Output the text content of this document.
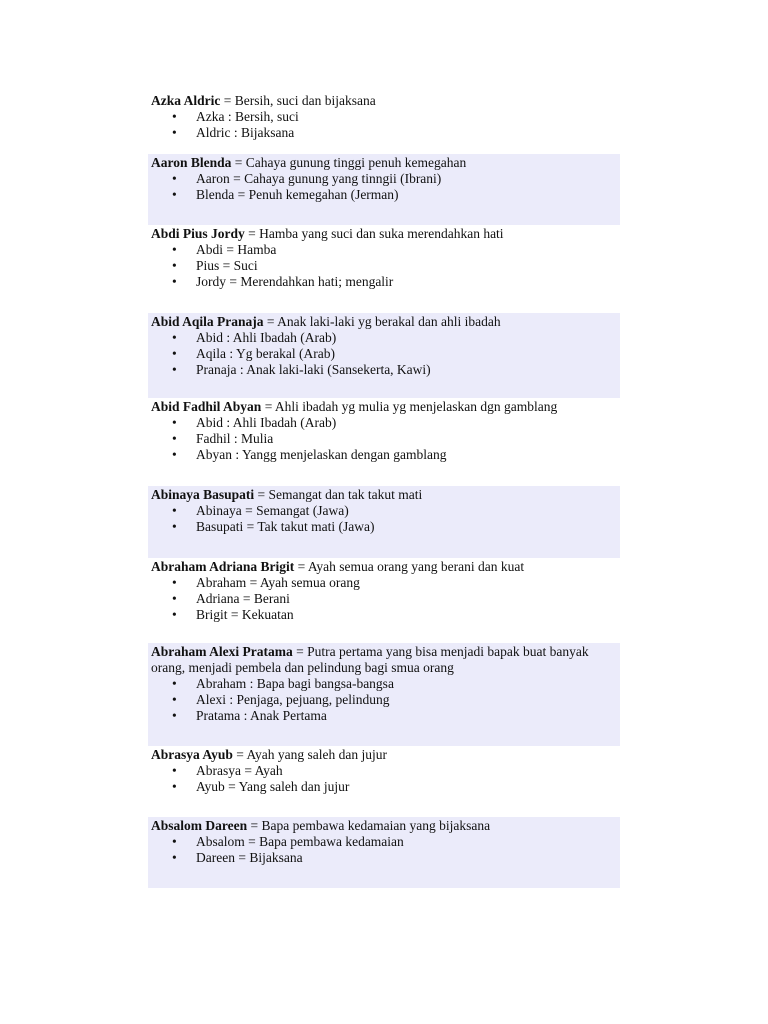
Azka Aldric = Bersih, suci dan bijaksana

• Azka : Bersih, suci
• Aldric : Bijaksana

Aaron Blenda = Cahaya gunung tinggi penuh kemegahan

• Aaron = Cahaya gunung yang tinngii (Ibrani)
• Blenda = Penuh kemegahan (Jerman)

Abdi Pius Jordy = Hamba yang suci dan suka merendahkan hati

• Abdi = Hamba
• Pius = Suci
• Jordy = Merendahkan hati; mengalir

Abid Aqila Pranaja = Anak laki-laki yg berakal dan ahli ibadah

• Abid : Ahli Ibadah (Arab)
• Aqila : Yg berakal (Arab)
• Pranaja : Anak laki-laki (Sansekerta, Kawi)

Abid Fadhil Abyan = Ahli ibadah yg mulia yg menjelaskan dgn gamblang

• Abid : Ahli Ibadah (Arab)
• Fadhil : Mulia
• Abyan : Yangg menjelaskan dengan gamblang

Abinaya Basupati = Semangat dan tak takut mati

• Abinaya = Semangat (Jawa)
• Basupati = Tak takut mati (Jawa)

Abraham Adriana Brigit = Ayah semua orang yang berani dan kuat

• Abraham = Ayah semua orang
• Adriana = Berani
• Brigit = Kekuatan

Abraham Alexi Pratama = Putra pertama yang bisa menjadi bapak buat banyak orang, menjadi pembela dan pelindung bagi smua orang

• Abraham : Bapa bagi bangsa-bangsa
• Alexi : Penjaga, pejuang, pelindung
• Pratama : Anak Pertama

Abrasya Ayub = Ayah yang saleh dan jujur

• Abrasya = Ayah
• Ayub = Yang saleh dan jujur

Absalom Dareen = Bapa pembawa kedamaian yang bijaksana

• Absalom = Bapa pembawa kedamaian
• Dareen = Bijaksana
